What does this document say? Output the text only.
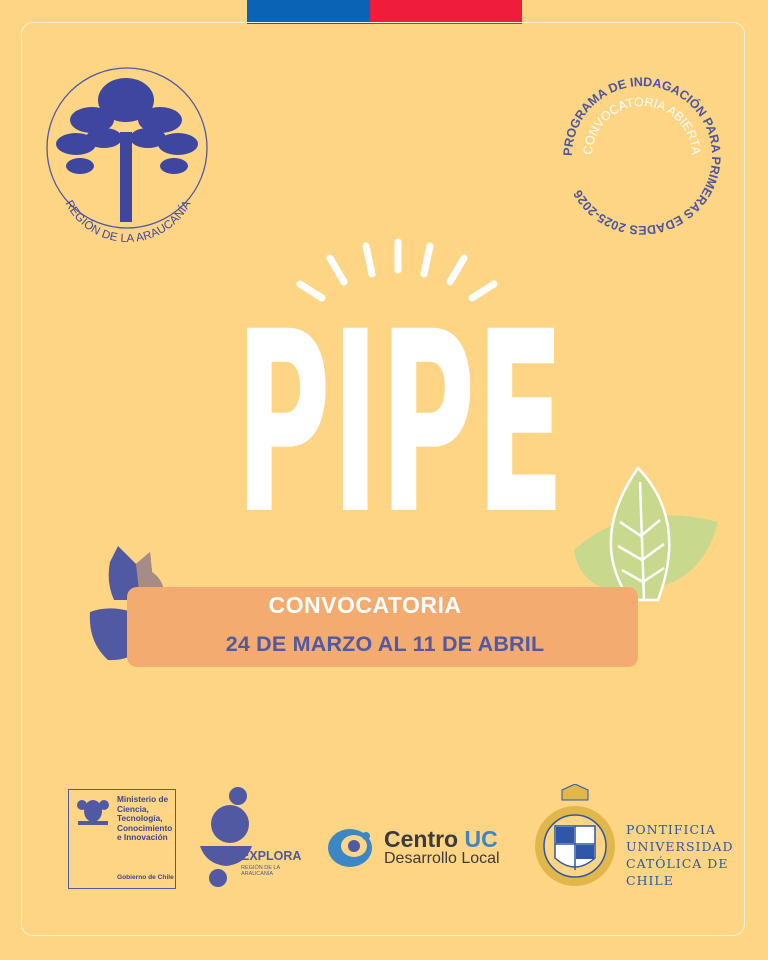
REGIÓN DE LA ARAUCANÍA
PROGRAMA DE INDAGACIÓN PARA PRIMERAS EDADES 2025-2026
CONVOCATORIA ABIERTA
PIPE
CONVOCATORIA
24 DE MARZO AL 11 DE ABRIL
Ministerio de Ciencia, Tecnología, Conocimiento e Innovación
Gobierno de Chile
EXPLORA
REGIÓN DE LA ARAUCANÍA
Centro UC
Desarrollo Local
PONTIFICIA UNIVERSIDAD CATÓLICA DE CHILE
